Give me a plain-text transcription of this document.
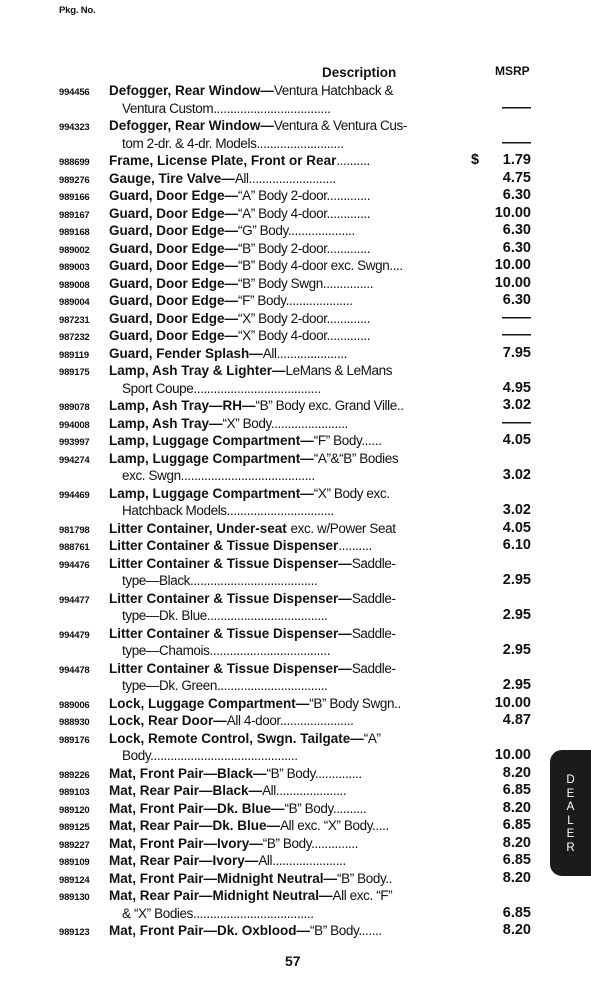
Pkg. No.
Description	MSRP
994456 Defogger, Rear Window—Ventura Hatchback &
Ventura Custom...................................	——
994323 Defogger, Rear Window—Ventura & Ventura Cus-
tom 2-dr. & 4-dr. Models..........................	——
988699 Frame, License Plate, Front or Rear..........	$ 1.79
989276 Gauge, Tire Valve—All..........................	4.75
989166 Guard, Door Edge—“A” Body 2-door.............	6.30
989167 Guard, Door Edge—“A” Body 4-door.............	10.00
989168 Guard, Door Edge—“G” Body....................	6.30
989002 Guard, Door Edge—“B” Body 2-door.............	6.30
989003 Guard, Door Edge—“B” Body 4-door exc. Swgn....	10.00
989008 Guard, Door Edge—“B” Body Swgn...............	10.00
989004 Guard, Door Edge—“F” Body....................	6.30
987231 Guard, Door Edge—“X” Body 2-door.............	——
987232 Guard, Door Edge—“X” Body 4-door.............	——
989119 Guard, Fender Splash—All.....................	7.95
989175 Lamp, Ash Tray & Lighter—LeMans & LeMans
Sport Coupe......................................	4.95
989078 Lamp, Ash Tray—RH—“B” Body exc. Grand Ville..	3.02
994008 Lamp, Ash Tray—“X” Body.......................	——
993997 Lamp, Luggage Compartment—“F” Body......	4.05
994274 Lamp, Luggage Compartment—“A”&“B” Bodies
exc. Swgn........................................	3.02
994469 Lamp, Luggage Compartment—“X” Body exc.
Hatchback Models................................	3.02
981798 Litter Container, Under-seat exc. w/Power Seat	4.05
988761 Litter Container & Tissue Dispenser..........	6.10
994476 Litter Container & Tissue Dispenser—Saddle-
type—Black......................................	2.95
994477 Litter Container & Tissue Dispenser—Saddle-
type—Dk. Blue....................................	2.95
994479 Litter Container & Tissue Dispenser—Saddle-
type—Chamois....................................	2.95
994478 Litter Container & Tissue Dispenser—Saddle-
type—Dk. Green.................................	2.95
989006 Lock, Luggage Compartment—“B” Body Swgn..	10.00
988930 Lock, Rear Door—All 4-door......................	4.87
989176 Lock, Remote Control, Swgn. Tailgate—“A”
Body............................................	10.00
989226 Mat, Front Pair—Black—“B” Body..............	8.20
989103 Mat, Rear Pair—Black—All.....................	6.85
989120 Mat, Front Pair—Dk. Blue—“B” Body..........	8.20
989125 Mat, Rear Pair—Dk. Blue—All exc. “X” Body.....	6.85
989227 Mat, Front Pair—Ivory—“B” Body..............	8.20
989109 Mat, Rear Pair—Ivory—All......................	6.85
989124 Mat, Front Pair—Midnight Neutral—“B” Body..	8.20
989130 Mat, Rear Pair—Midnight Neutral—All exc. “F”
& “X” Bodies....................................	6.85
989123 Mat, Front Pair—Dk. Oxblood—“B” Body.......	8.20
57
D
E
A
L
E
R
